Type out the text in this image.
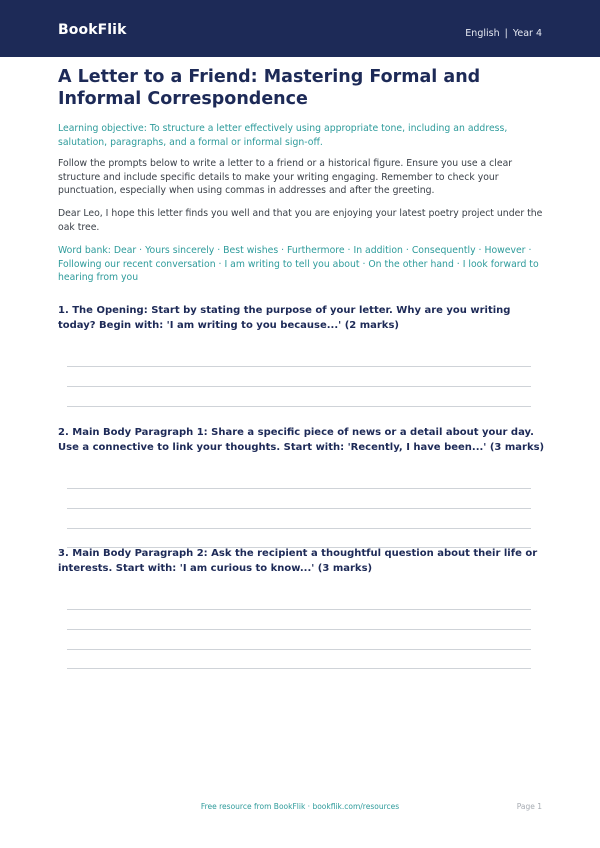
BookFlik	English | Year 4
A Letter to a Friend: Mastering Formal and Informal Correspondence

Learning objective: To structure a letter effectively using appropriate tone, including an address, salutation, paragraphs, and a formal or informal sign-off.

Follow the prompts below to write a letter to a friend or a historical figure. Ensure you use a clear structure and include specific details to make your writing engaging. Remember to check your punctuation, especially when using commas in addresses and after the greeting.

Dear Leo, I hope this letter finds you well and that you are enjoying your latest poetry project under the oak tree.

Word bank: Dear · Yours sincerely · Best wishes · Furthermore · In addition · Consequently · However · Following our recent conversation · I am writing to tell you about · On the other hand · I look forward to hearing from you

1. The Opening: Start by stating the purpose of your letter. Why are you writing today? Begin with: 'I am writing to you because...' (2 marks)

2. Main Body Paragraph 1: Share a specific piece of news or a detail about your day. Use a connective to link your thoughts. Start with: 'Recently, I have been...' (3 marks)

3. Main Body Paragraph 2: Ask the recipient a thoughtful question about their life or interests. Start with: 'I am curious to know...' (3 marks)

Free resource from BookFlik · bookflik.com/resources	Page 1
